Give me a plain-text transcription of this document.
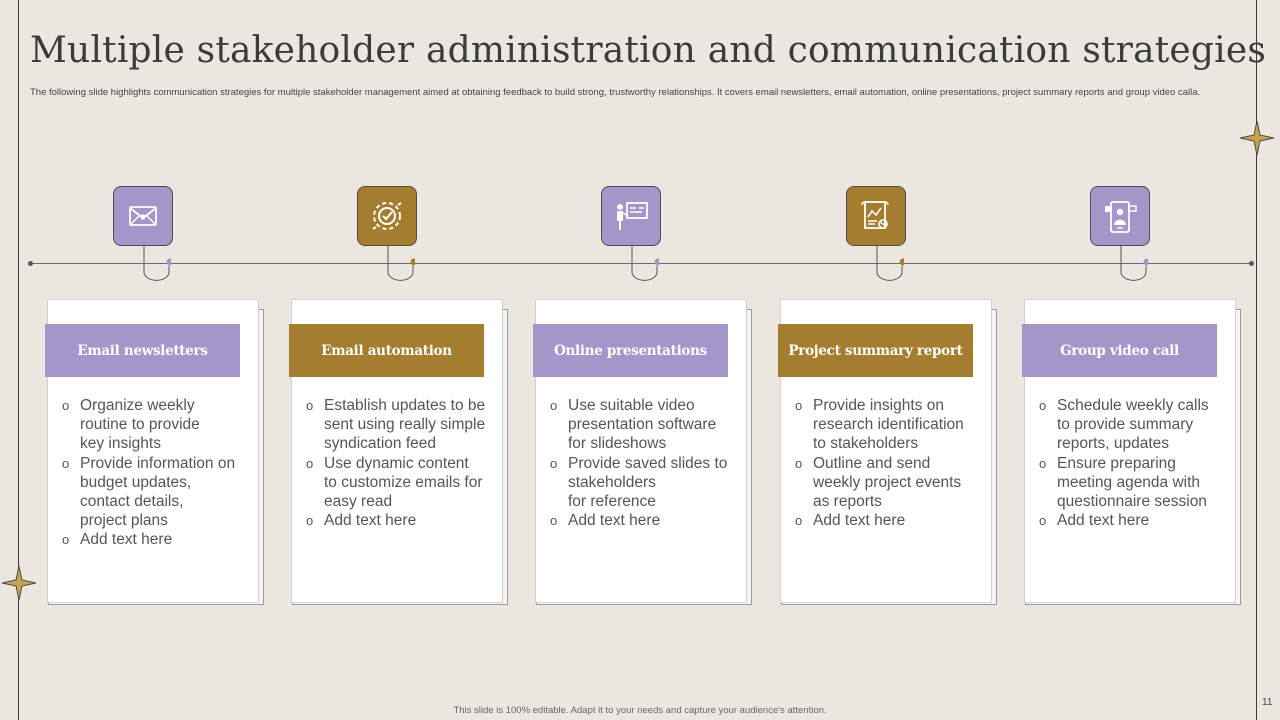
Multiple stakeholder administration and communication strategies
The following slide highlights communication strategies for multiple stakeholder management aimed at obtaining feedback to build strong, trustworthy relationships. It covers email newsletters, email automation, online presentations, project summary reports and group video calla.
Email newsletters
o Organize weekly
routine to provide
key insights
o Provide information on
budget updates,
contact details,
project plans
o Add text here
Email automation
o Establish updates to be
sent using really simple
syndication feed
o Use dynamic content
to customize emails for
easy read
o Add text here
Online presentations
o Use suitable video
presentation software
for slideshows
o Provide saved slides to
stakeholders
for reference
o Add text here
Project summary report
o Provide insights on
research identification
to stakeholders
o Outline and send
weekly project events
as reports
o Add text here
Group video call
o Schedule weekly calls
to provide summary
reports, updates
o Ensure preparing
meeting agenda with
questionnaire session
o Add text here
This slide is 100% editable. Adapt it to your needs and capture your audience's attention.
11
